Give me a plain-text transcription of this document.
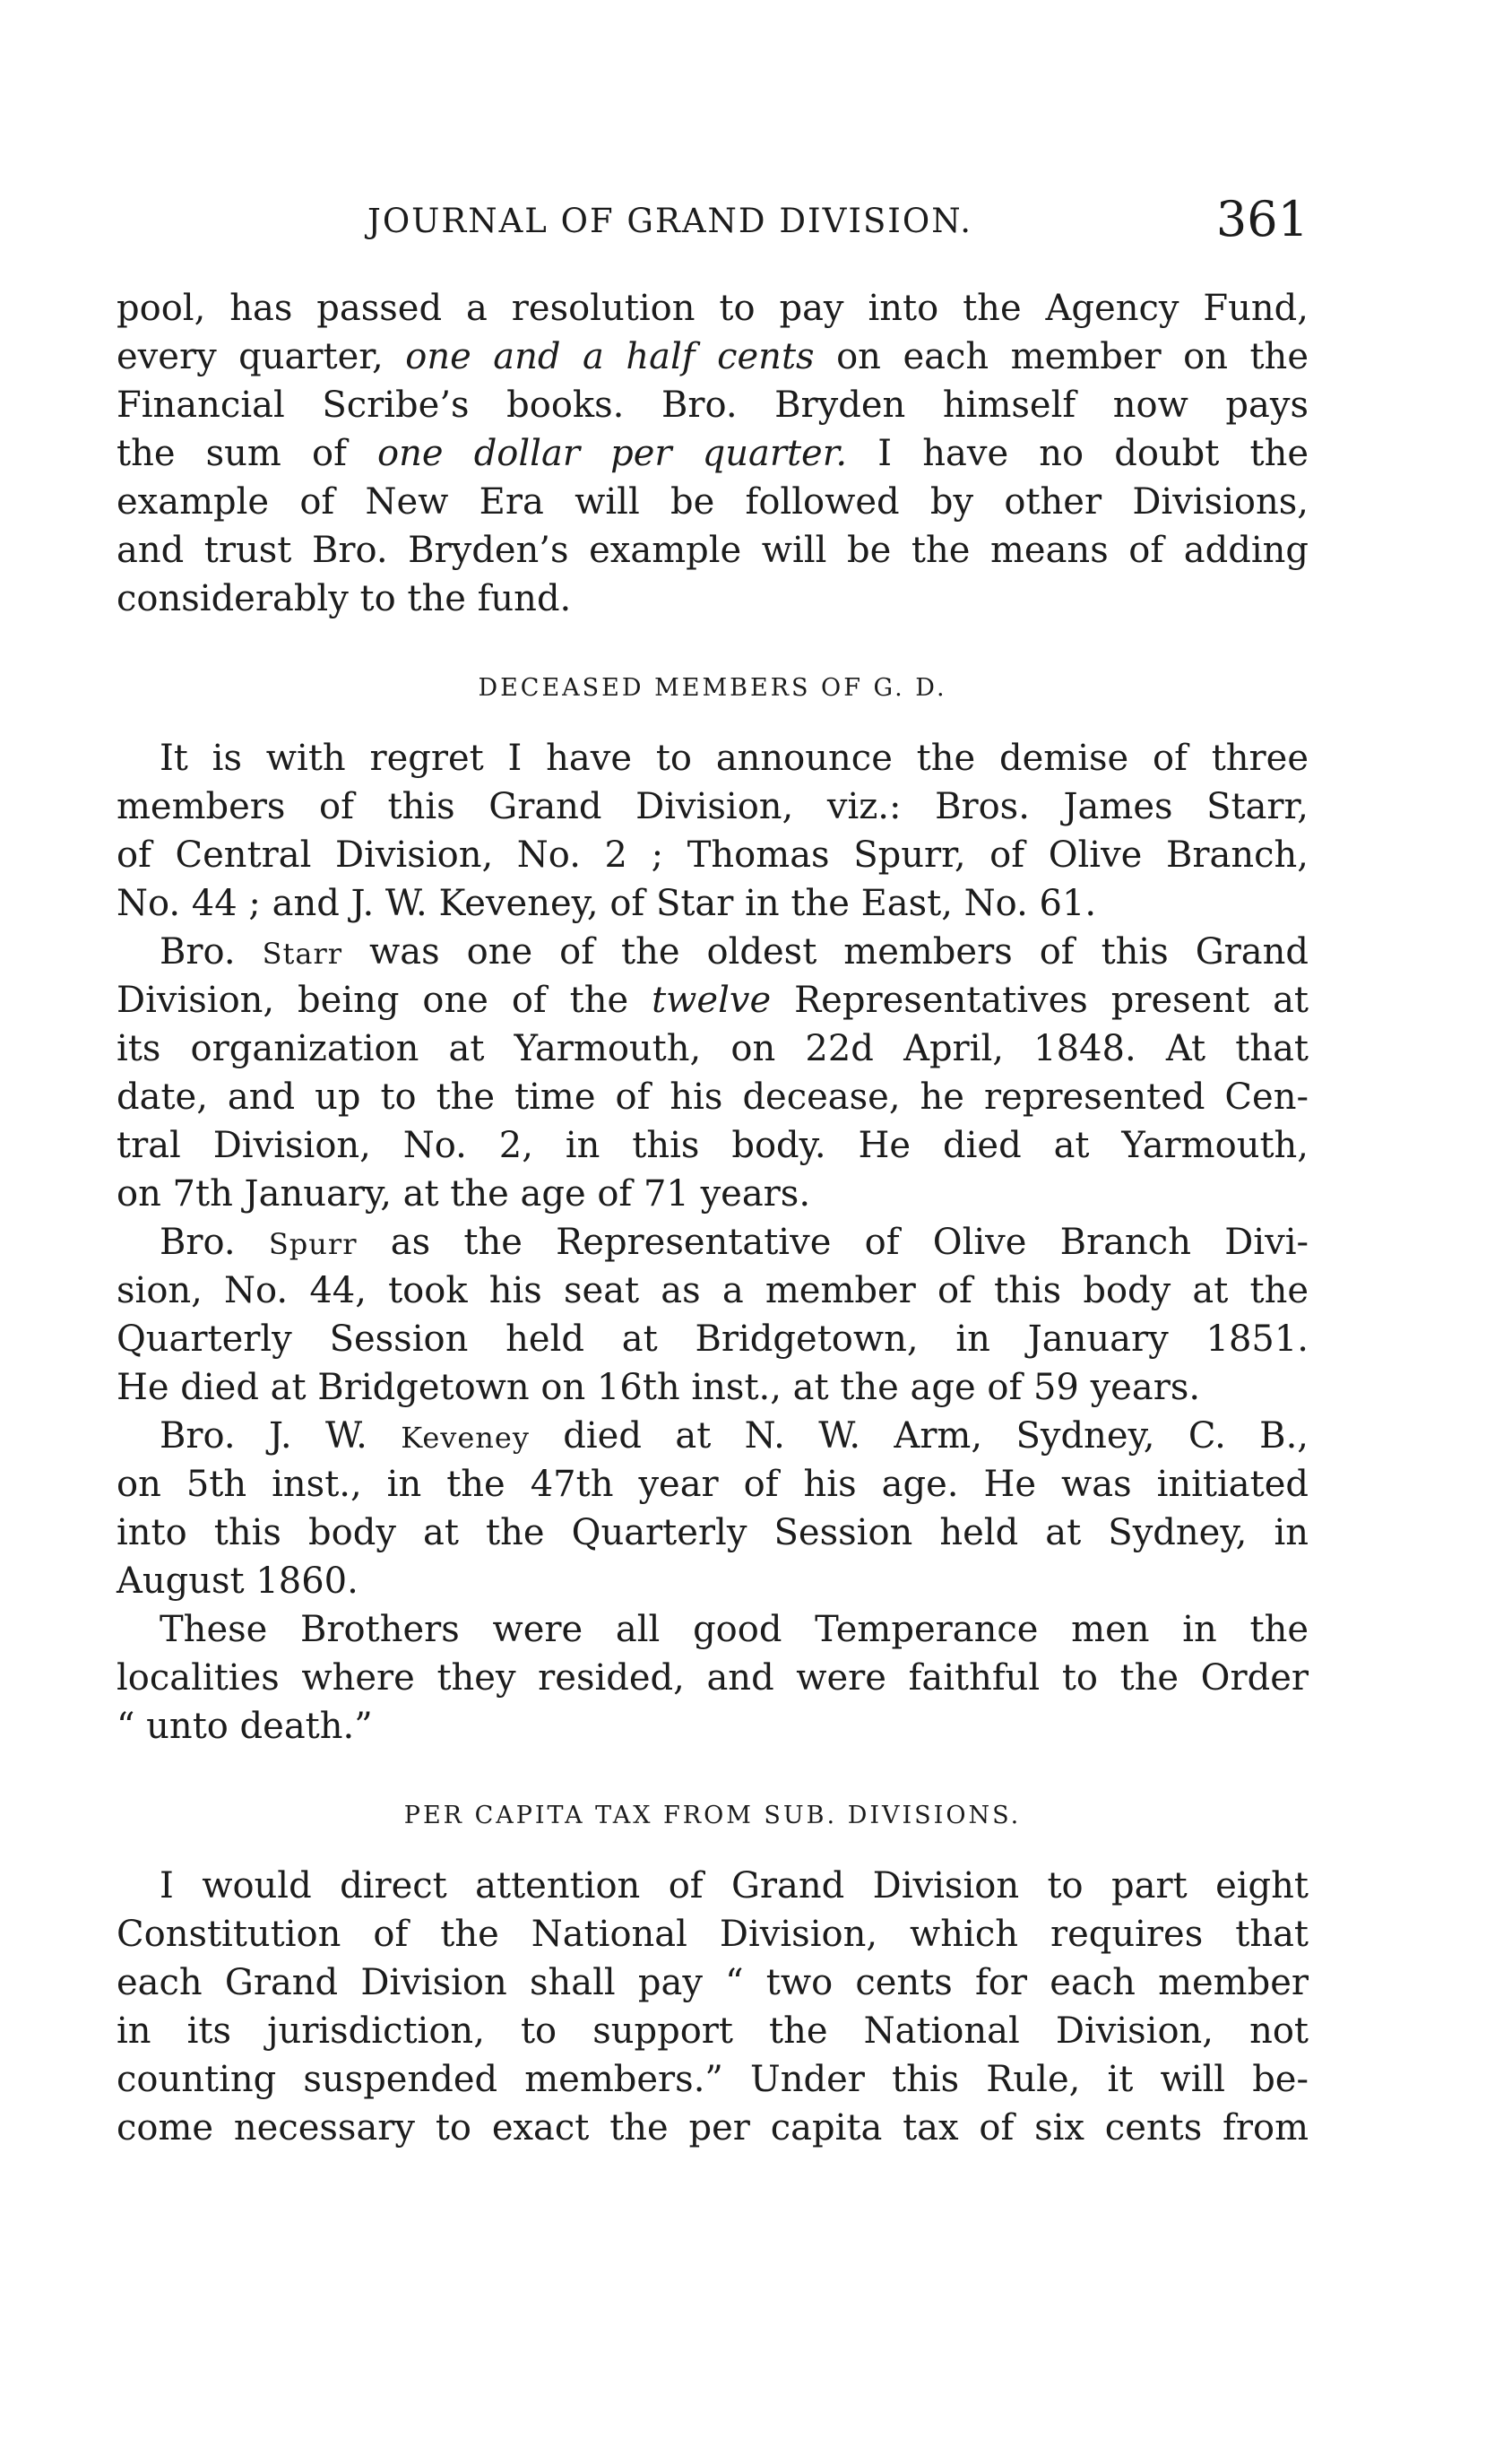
JOURNAL OF GRAND DIVISION.	361
pool, has passed a resolution to pay into the Agency Fund,
every quarter, one and a half cents on each member on the
Financial Scribe’s books. Bro. Bryden himself now pays
the sum of one dollar per quarter. I have no doubt the
example of New Era will be followed by other Divisions,
and trust Bro. Bryden’s example will be the means of adding
considerably to the fund.
DECEASED MEMBERS OF G. D.
It is with regret I have to announce the demise of three
members of this Grand Division, viz.: Bros. James Starr,
of Central Division, No. 2 ; Thomas Spurr, of Olive Branch,
No. 44 ; and J. W. Keveney, of Star in the East, No. 61.
Bro. Starr was one of the oldest members of this Grand
Division, being one of the twelve Representatives present at
its organization at Yarmouth, on 22d April, 1848. At that
date, and up to the time of his decease, he represented Cen-
tral Division, No. 2, in this body. He died at Yarmouth,
on 7th January, at the age of 71 years.
Bro. Spurr as the Representative of Olive Branch Divi-
sion, No. 44, took his seat as a member of this body at the
Quarterly Session held at Bridgetown, in January 1851.
He died at Bridgetown on 16th inst., at the age of 59 years.
Bro. J. W. Keveney died at N. W. Arm, Sydney, C. B.,
on 5th inst., in the 47th year of his age. He was initiated
into this body at the Quarterly Session held at Sydney, in
August 1860.
These Brothers were all good Temperance men in the
localities where they resided, and were faithful to the Order
“ unto death.”
PER CAPITA TAX FROM SUB. DIVISIONS.
I would direct attention of Grand Division to part eight
Constitution of the National Division, which requires that
each Grand Division shall pay “ two cents for each member
in its jurisdiction, to support the National Division, not
counting suspended members.” Under this Rule, it will be-
come necessary to exact the per capita tax of six cents from
